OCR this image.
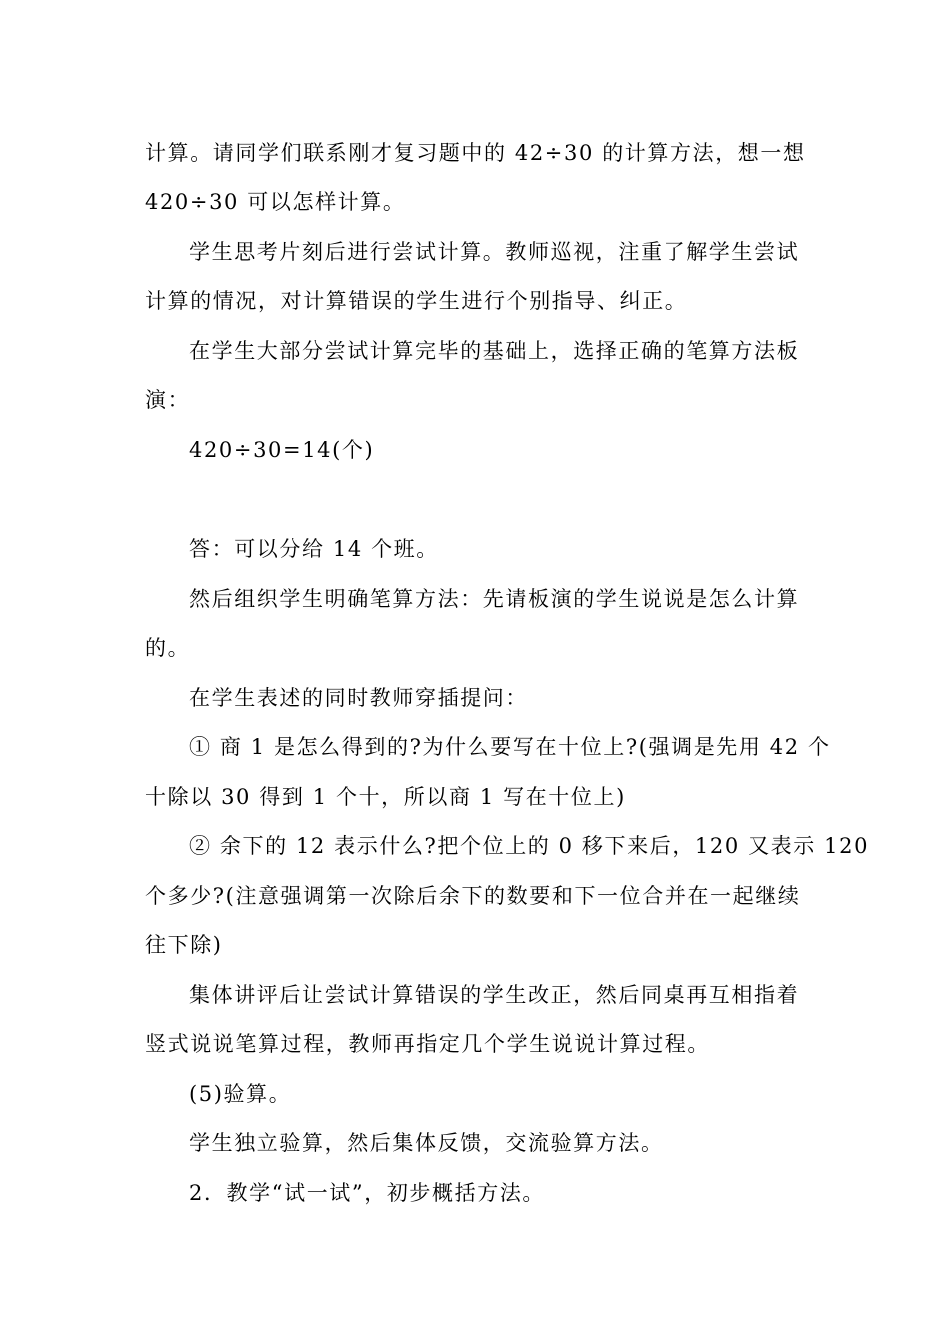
计算。请同学们联系刚才复习题中的 42÷30 的计算方法，想一想
420÷30 可以怎样计算。
学生思考片刻后进行尝试计算。教师巡视，注重了解学生尝试
计算的情况，对计算错误的学生进行个别指导、纠正。
在学生大部分尝试计算完毕的基础上，选择正确的笔算方法板
演：
420÷30=14(个)
答：可以分给 14 个班。
然后组织学生明确笔算方法：先请板演的学生说说是怎么计算
的。
在学生表述的同时教师穿插提问：
① 商 1 是怎么得到的?为什么要写在十位上?(强调是先用 42 个
十除以 30 得到 1 个十，所以商 1 写在十位上)
② 余下的 12 表示什么?把个位上的 0 移下来后，120 又表示 120
个多少?(注意强调第一次除后余下的数要和下一位合并在一起继续
往下除)
集体讲评后让尝试计算错误的学生改正，然后同桌再互相指着
竖式说说笔算过程，教师再指定几个学生说说计算过程。
(5)验算。
学生独立验算，然后集体反馈，交流验算方法。
2．教学“试一试”，初步概括方法。
